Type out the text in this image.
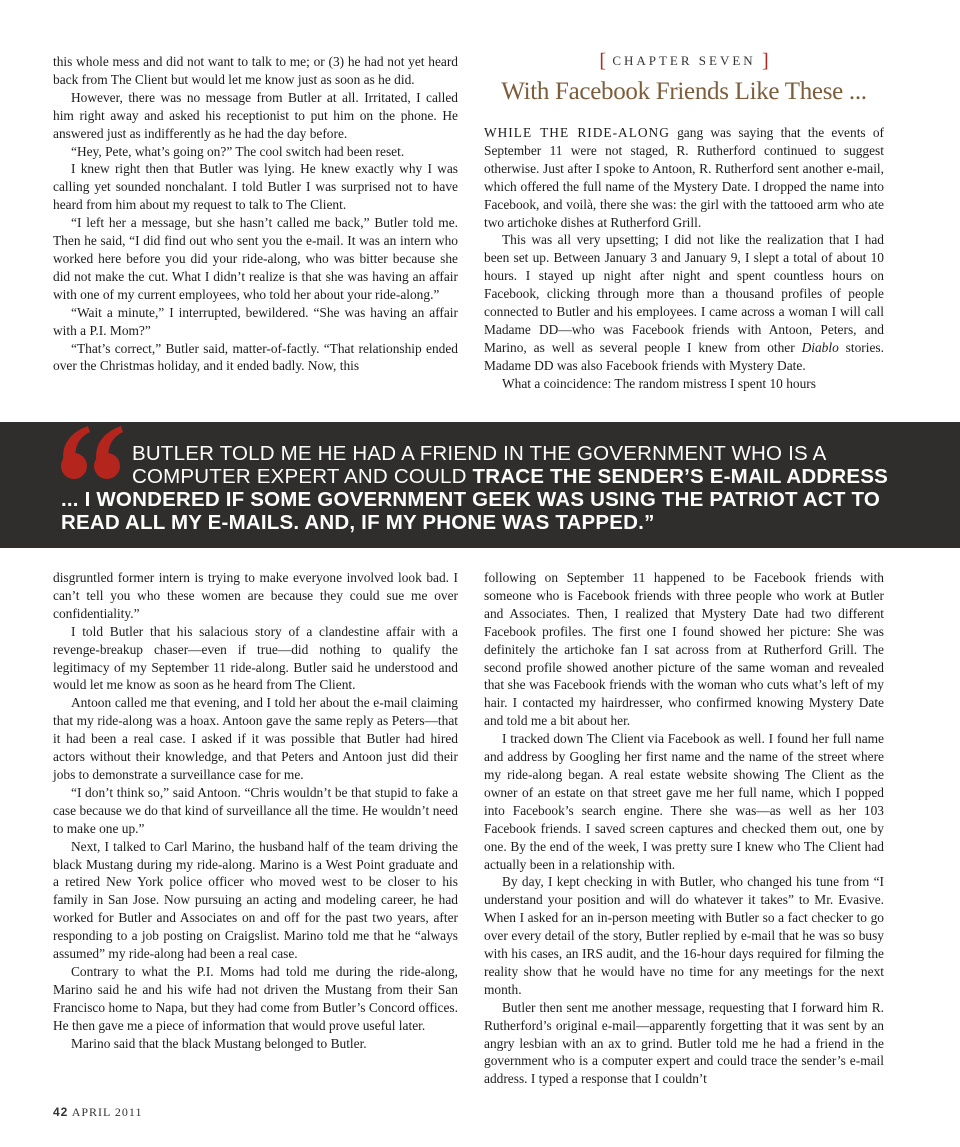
this whole mess and did not want to talk to me; or (3) he had not yet heard back from The Client but would let me know just as soon as he did.

However, there was no message from Butler at all. Irritated, I called him right away and asked his receptionist to put him on the phone. He answered just as indifferently as he had the day before.

“Hey, Pete, what’s going on?” The cool switch had been reset.

I knew right then that Butler was lying. He knew exactly why I was calling yet sounded nonchalant. I told Butler I was surprised not to have heard from him about my request to talk to The Client.

“I left her a message, but she hasn’t called me back,” Butler told me. Then he said, “I did find out who sent you the e-mail. It was an intern who worked here before you did your ride-along, who was bitter because she did not make the cut. What I didn’t realize is that she was having an affair with one of my current employees, who told her about your ride-along.”

“Wait a minute,” I interrupted, bewildered. “She was having an affair with a P.I. Mom?”

“That’s correct,” Butler said, matter-of-factly. “That relationship ended over the Christmas holiday, and it ended badly. Now, this

[ CHAPTER SEVEN ]
With Facebook Friends Like These ...

WHILE THE RIDE-ALONG gang was saying that the events of September 11 were not staged, R. Rutherford continued to suggest otherwise. Just after I spoke to Antoon, R. Rutherford sent another e-mail, which offered the full name of the Mystery Date. I dropped the name into Facebook, and voilà, there she was: the girl with the tattooed arm who ate two artichoke dishes at Rutherford Grill.

This was all very upsetting; I did not like the realization that I had been set up. Between January 3 and January 9, I slept a total of about 10 hours. I stayed up night after night and spent countless hours on Facebook, clicking through more than a thousand profiles of people connected to Butler and his employees. I came across a woman I will call Madame DD—who was Facebook friends with Antoon, Peters, and Marino, as well as several people I knew from other Diablo stories. Madame DD was also Facebook friends with Mystery Date.

What a coincidence: The random mistress I spent 10 hours

BUTLER TOLD ME HE HAD A FRIEND IN THE GOVERNMENT WHO IS A
COMPUTER EXPERT AND COULD TRACE THE SENDER’S E-MAIL ADDRESS
... I WONDERED IF SOME GOVERNMENT GEEK WAS USING THE PATRIOT ACT TO
READ ALL MY E-MAILS. AND, IF MY PHONE WAS TAPPED.”

disgruntled former intern is trying to make everyone involved look bad. I can’t tell you who these women are because they could sue me over confidentiality.”

I told Butler that his salacious story of a clandestine affair with a revenge-breakup chaser—even if true—did nothing to qualify the legitimacy of my September 11 ride-along. Butler said he understood and would let me know as soon as he heard from The Client.

Antoon called me that evening, and I told her about the e-mail claiming that my ride-along was a hoax. Antoon gave the same reply as Peters—that it had been a real case. I asked if it was possible that Butler had hired actors without their knowledge, and that Peters and Antoon just did their jobs to demonstrate a surveillance case for me.

“I don’t think so,” said Antoon. “Chris wouldn’t be that stupid to fake a case because we do that kind of surveillance all the time. He wouldn’t need to make one up.”

Next, I talked to Carl Marino, the husband half of the team driving the black Mustang during my ride-along. Marino is a West Point graduate and a retired New York police officer who moved west to be closer to his family in San Jose. Now pursuing an acting and modeling career, he had worked for Butler and Associates on and off for the past two years, after responding to a job posting on Craigslist. Marino told me that he “always assumed” my ride-along had been a real case.

Contrary to what the P.I. Moms had told me during the ride-along, Marino said he and his wife had not driven the Mustang from their San Francisco home to Napa, but they had come from Butler’s Concord offices. He then gave me a piece of information that would prove useful later.

Marino said that the black Mustang belonged to Butler.

following on September 11 happened to be Facebook friends with someone who is Facebook friends with three people who work at Butler and Associates. Then, I realized that Mystery Date had two different Facebook profiles. The first one I found showed her picture: She was definitely the artichoke fan I sat across from at Rutherford Grill. The second profile showed another picture of the same woman and revealed that she was Facebook friends with the woman who cuts what’s left of my hair. I contacted my hairdresser, who confirmed knowing Mystery Date and told me a bit about her.

I tracked down The Client via Facebook as well. I found her full name and address by Googling her first name and the name of the street where my ride-along began. A real estate website showing The Client as the owner of an estate on that street gave me her full name, which I popped into Facebook’s search engine. There she was—as well as her 103 Facebook friends. I saved screen captures and checked them out, one by one. By the end of the week, I was pretty sure I knew who The Client had actually been in a relationship with.

By day, I kept checking in with Butler, who changed his tune from “I understand your position and will do whatever it takes” to Mr. Evasive. When I asked for an in-person meeting with Butler so a fact checker to go over every detail of the story, Butler replied by e-mail that he was so busy with his cases, an IRS audit, and the 16-hour days required for filming the reality show that he would have no time for any meetings for the next month.

Butler then sent me another message, requesting that I forward him R. Rutherford’s original e-mail—apparently forgetting that it was sent by an angry lesbian with an ax to grind. Butler told me he had a friend in the government who is a computer expert and could trace the sender’s e-mail address. I typed a response that I couldn’t

42 APRIL 2011
